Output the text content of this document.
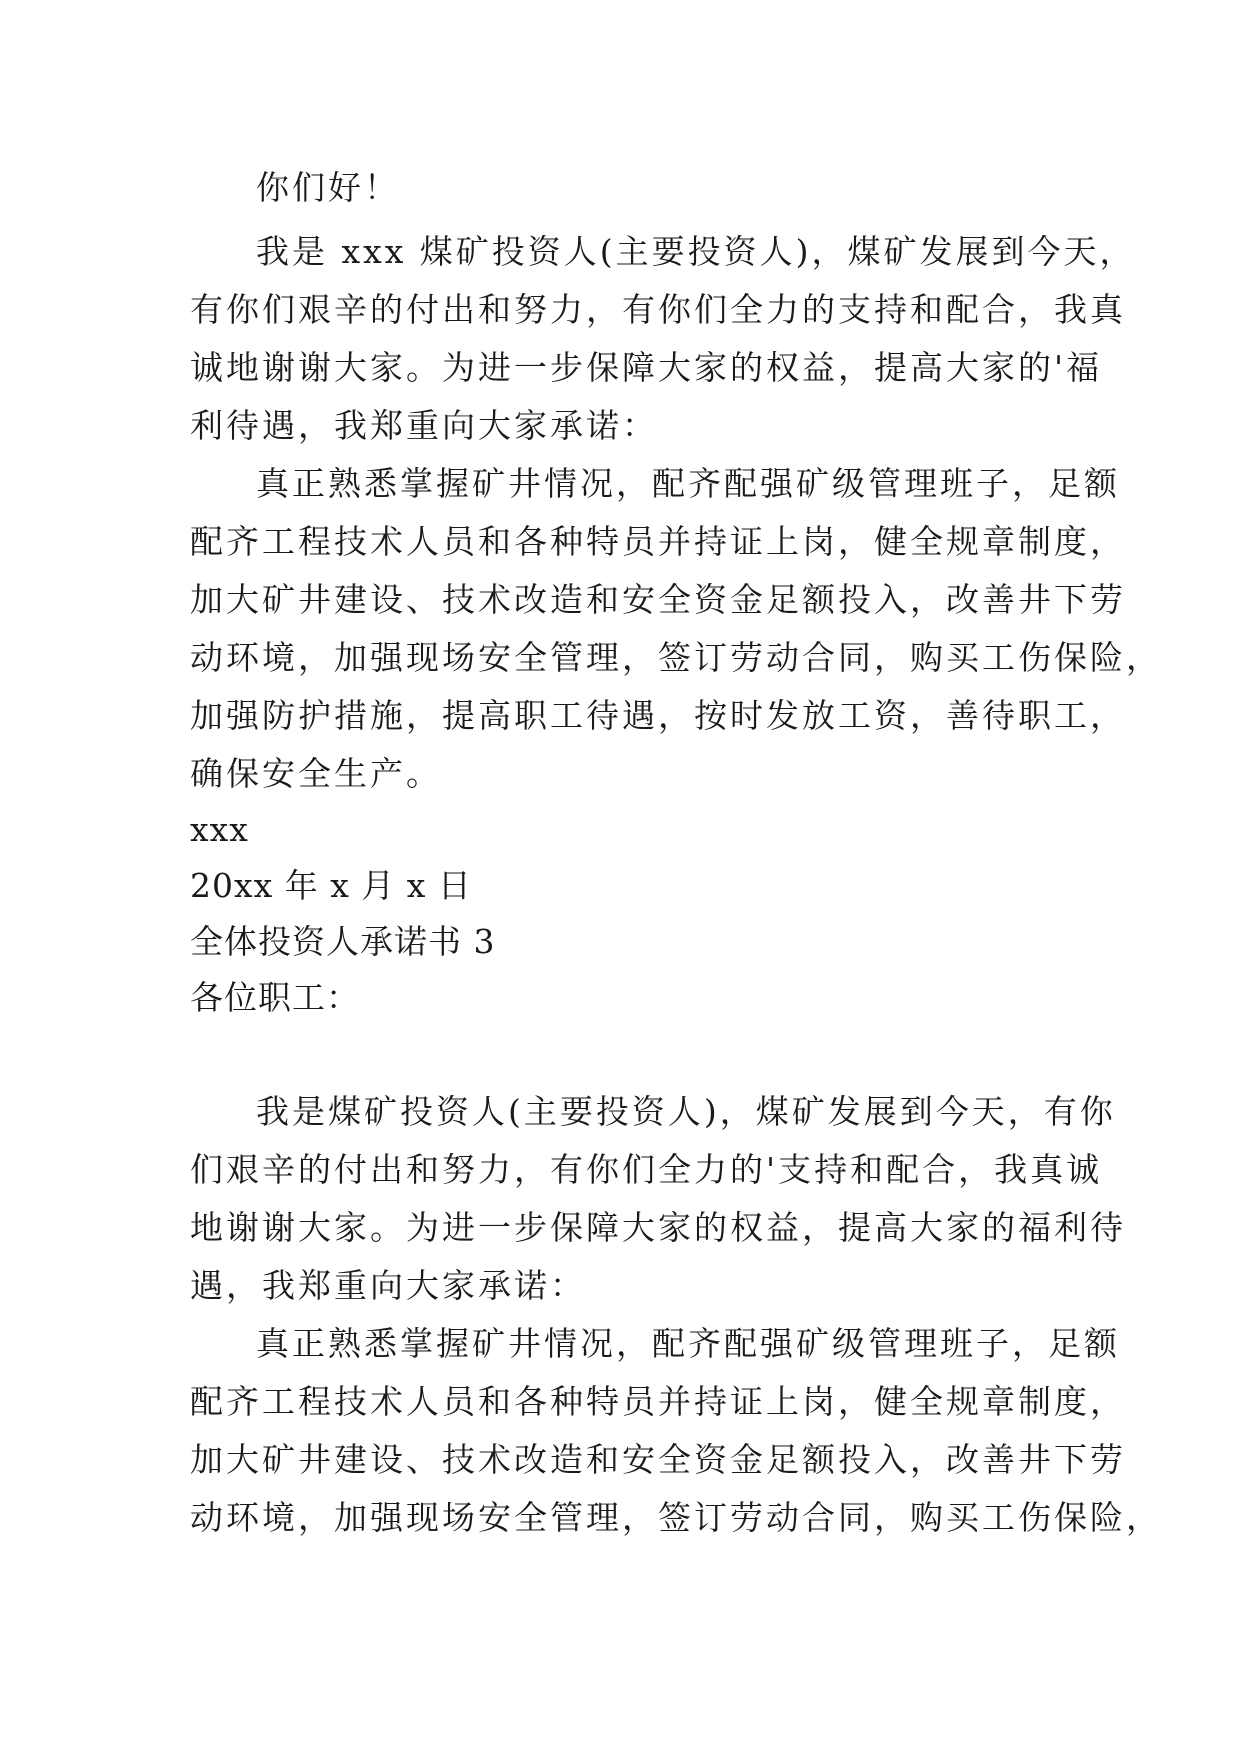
你们好！
我是 xxx 煤矿投资人(主要投资人)，煤矿发展到今天，
有你们艰辛的付出和努力，有你们全力的支持和配合，我真
诚地谢谢大家。为进一步保障大家的权益，提高大家的'福
利待遇，我郑重向大家承诺：
真正熟悉掌握矿井情况，配齐配强矿级管理班子，足额
配齐工程技术人员和各种特员并持证上岗，健全规章制度，
加大矿井建设、技术改造和安全资金足额投入，改善井下劳
动环境，加强现场安全管理，签订劳动合同，购买工伤保险，
加强防护措施，提高职工待遇，按时发放工资，善待职工，
确保安全生产。
xxx
20xx 年 x 月 x 日
全体投资人承诺书 3
各位职工：
我是煤矿投资人(主要投资人)，煤矿发展到今天，有你
们艰辛的付出和努力，有你们全力的'支持和配合，我真诚
地谢谢大家。为进一步保障大家的权益，提高大家的福利待
遇，我郑重向大家承诺：
真正熟悉掌握矿井情况，配齐配强矿级管理班子，足额
配齐工程技术人员和各种特员并持证上岗，健全规章制度，
加大矿井建设、技术改造和安全资金足额投入，改善井下劳
动环境，加强现场安全管理，签订劳动合同，购买工伤保险，
